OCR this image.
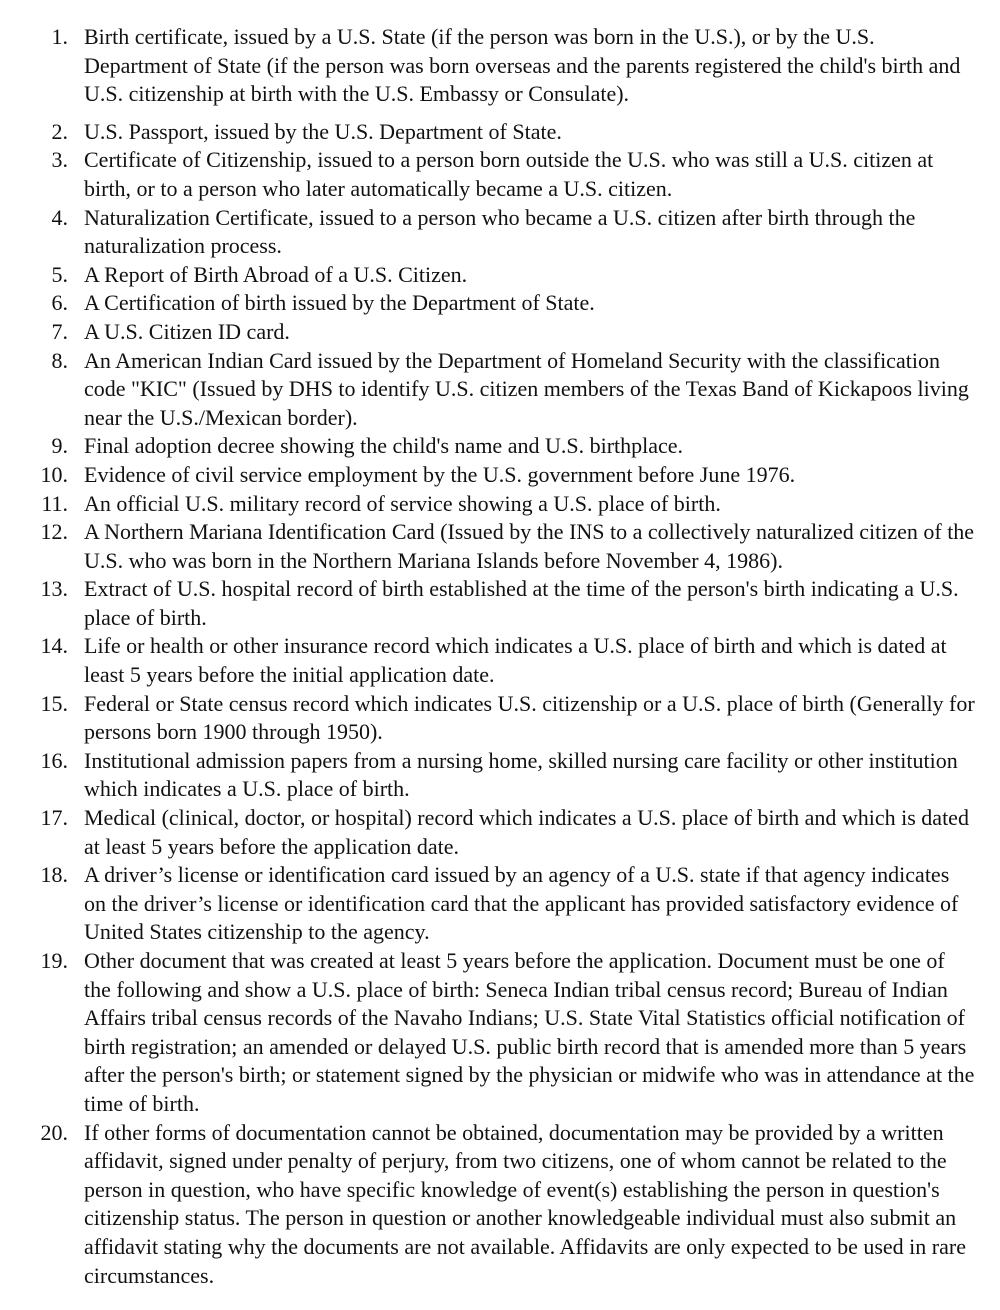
1. Birth certificate, issued by a U.S. State (if the person was born in the U.S.), or by the U.S. Department of State (if the person was born overseas and the parents registered the child's birth and U.S. citizenship at birth with the U.S. Embassy or Consulate).
2. U.S. Passport, issued by the U.S. Department of State.
3. Certificate of Citizenship, issued to a person born outside the U.S. who was still a U.S. citizen at birth, or to a person who later automatically became a U.S. citizen.
4. Naturalization Certificate, issued to a person who became a U.S. citizen after birth through the naturalization process.
5. A Report of Birth Abroad of a U.S. Citizen.
6. A Certification of birth issued by the Department of State.
7. A U.S. Citizen ID card.
8. An American Indian Card issued by the Department of Homeland Security with the classification code "KIC" (Issued by DHS to identify U.S. citizen members of the Texas Band of Kickapoos living near the U.S./Mexican border).
9. Final adoption decree showing the child's name and U.S. birthplace.
10. Evidence of civil service employment by the U.S. government before June 1976.
11. An official U.S. military record of service showing a U.S. place of birth.
12. A Northern Mariana Identification Card (Issued by the INS to a collectively naturalized citizen of the U.S. who was born in the Northern Mariana Islands before November 4, 1986).
13. Extract of U.S. hospital record of birth established at the time of the person's birth indicating a U.S. place of birth.
14. Life or health or other insurance record which indicates a U.S. place of birth and which is dated at least 5 years before the initial application date.
15. Federal or State census record which indicates U.S. citizenship or a U.S. place of birth (Generally for persons born 1900 through 1950).
16. Institutional admission papers from a nursing home, skilled nursing care facility or other institution which indicates a U.S. place of birth.
17. Medical (clinical, doctor, or hospital) record which indicates a U.S. place of birth and which is dated at least 5 years before the application date.
18. A driver’s license or identification card issued by an agency of a U.S. state if that agency indicates on the driver’s license or identification card that the applicant has provided satisfactory evidence of United States citizenship to the agency.
19. Other document that was created at least 5 years before the application. Document must be one of the following and show a U.S. place of birth: Seneca Indian tribal census record; Bureau of Indian Affairs tribal census records of the Navaho Indians; U.S. State Vital Statistics official notification of birth registration; an amended or delayed U.S. public birth record that is amended more than 5 years after the person's birth; or statement signed by the physician or midwife who was in attendance at the time of birth.
20. If other forms of documentation cannot be obtained, documentation may be provided by a written affidavit, signed under penalty of perjury, from two citizens, one of whom cannot be related to the person in question, who have specific knowledge of event(s) establishing the person in question's citizenship status. The person in question or another knowledgeable individual must also submit an affidavit stating why the documents are not available. Affidavits are only expected to be used in rare circumstances.
